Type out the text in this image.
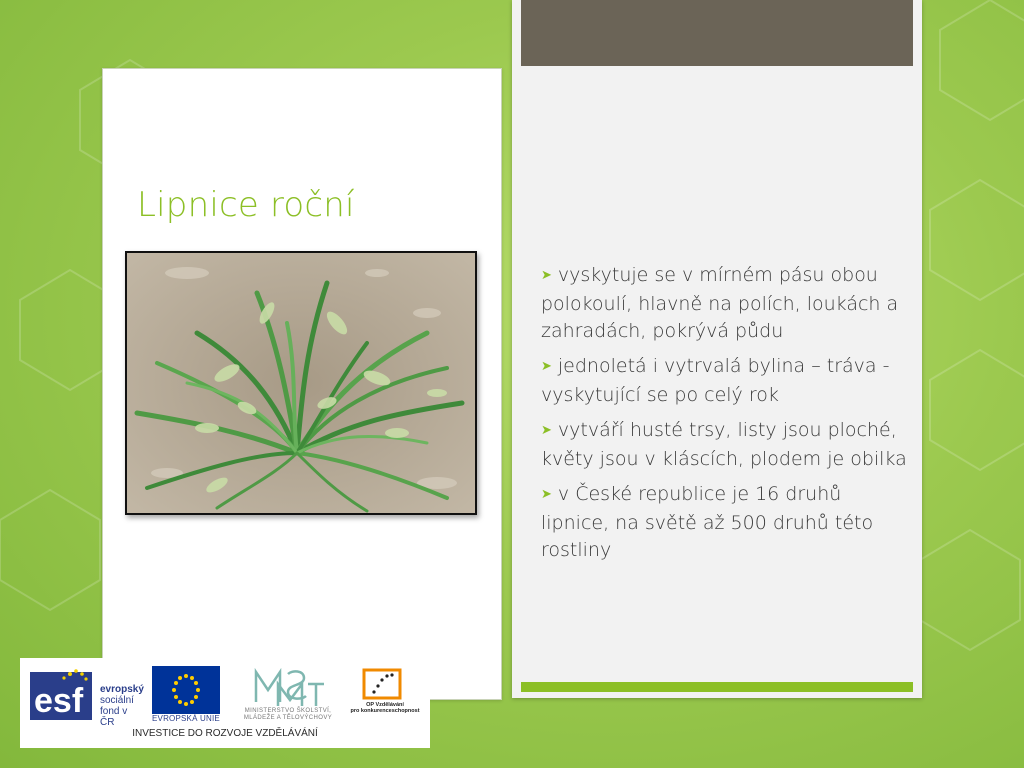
Lipnice roční
➤ vyskytuje se v mírném pásu obou polokoulí, hlavně na polích, loukách a zahradách, pokrývá půdu
➤ jednoletá i vytrvalá bylina – tráva - vyskytující se po celý rok
➤ vytváří husté trsy, listy jsou ploché, květy jsou v kláscích, plodem je obilka
➤ v České republice je 16 druhů lipnice, na světě až 500 druhů této rostliny
esf evropský
sociální
fond v ČR	EVROPSKÁ UNIE
MINISTERSTVO ŠKOLSTVÍ,
MLÁDEŽE A TĚLOVÝCHOVY
OP Vzdělávání
pro konkurenceschopnost
INVESTICE DO ROZVOJE VZDĚLÁVÁNÍ
